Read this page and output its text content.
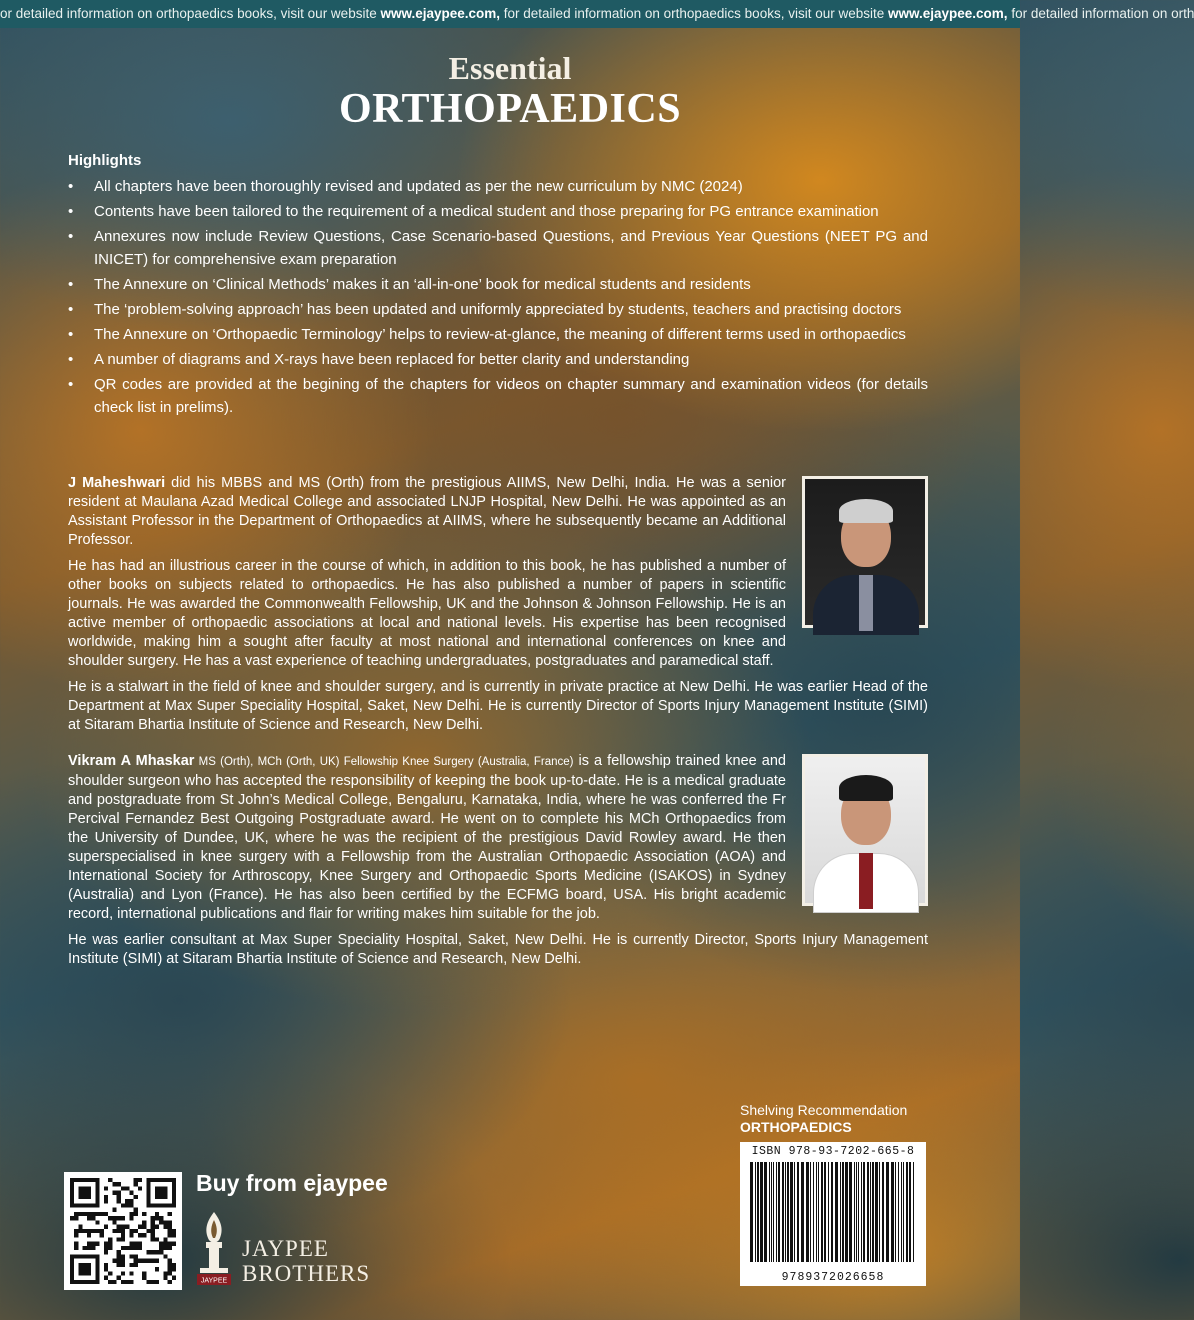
or detailed information on orthopaedics books, visit our website www.ejaypee.com, for detailed information on orthopaedics books, visit our website www.ejaypee.com, for detailed information on orth
Essential
ORTHOPAEDICS
Highlights
• All chapters have been thoroughly revised and updated as per the new curriculum by NMC (2024)
• Contents have been tailored to the requirement of a medical student and those preparing for PG entrance examination
• Annexures now include Review Questions, Case Scenario-based Questions, and Previous Year Questions (NEET PG and INICET) for comprehensive exam preparation
• The Annexure on ‘Clinical Methods’ makes it an ‘all-in-one’ book for medical students and residents
• The ‘problem-solving approach’ has been updated and uniformly appreciated by students, teachers and practising doctors
• The Annexure on ‘Orthopaedic Terminology’ helps to review-at-glance, the meaning of different terms used in orthopaedics
• A number of diagrams and X-rays have been replaced for better clarity and understanding
• QR codes are provided at the begining of the chapters for videos on chapter summary and examination videos (for details check list in prelims).

J Maheshwari did his MBBS and MS (Orth) from the prestigious AIIMS, New Delhi, India. He was a senior resident at Maulana Azad Medical College and associated LNJP Hospital, New Delhi. He was appointed as an Assistant Professor in the Department of Orthopaedics at AIIMS, where he subsequently became an Additional Professor.

He has had an illustrious career in the course of which, in addition to this book, he has published a number of other books on subjects related to orthopaedics. He has also published a number of papers in scientific journals. He was awarded the Commonwealth Fellowship, UK and the Johnson & Johnson Fellowship. He is an active member of orthopaedic associations at local and national levels. His expertise has been recognised worldwide, making him a sought after faculty at most national and international conferences on knee and shoulder surgery. He has a vast experience of teaching undergraduates, postgraduates and paramedical staff.

He is a stalwart in the field of knee and shoulder surgery, and is currently in private practice at New Delhi. He was earlier Head of the Department at Max Super Speciality Hospital, Saket, New Delhi. He is currently Director of Sports Injury Management Institute (SIMI) at Sitaram Bhartia Institute of Science and Research, New Delhi.

Vikram A Mhaskar MS (Orth), MCh (Orth, UK) Fellowship Knee Surgery (Australia, France) is a fellowship trained knee and shoulder surgeon who has accepted the responsibility of keeping the book up-to-date. He is a medical graduate and postgraduate from St John’s Medical College, Bengaluru, Karnataka, India, where he was conferred the Fr Percival Fernandez Best Outgoing Postgraduate award. He went on to complete his MCh Orthopaedics from the University of Dundee, UK, where he was the recipient of the prestigious David Rowley award. He then superspecialised in knee surgery with a Fellowship from the Australian Orthopaedic Association (AOA) and International Society for Arthroscopy, Knee Surgery and Orthopaedic Sports Medicine (ISAKOS) in Sydney (Australia) and Lyon (France). He has also been certified by the ECFMG board, USA. His bright academic record, international publications and flair for writing makes him suitable for the job.

He was earlier consultant at Max Super Speciality Hospital, Saket, New Delhi. He is currently Director, Sports Injury Management Institute (SIMI) at Sitaram Bhartia Institute of Science and Research, New Delhi.

Shelving Recommendation
ORTHOPAEDICS
ISBN 978-93-7202-665-8
9789372026658
Buy from ejaypee
JAYPEE
JAYPEE
BROTHERS
